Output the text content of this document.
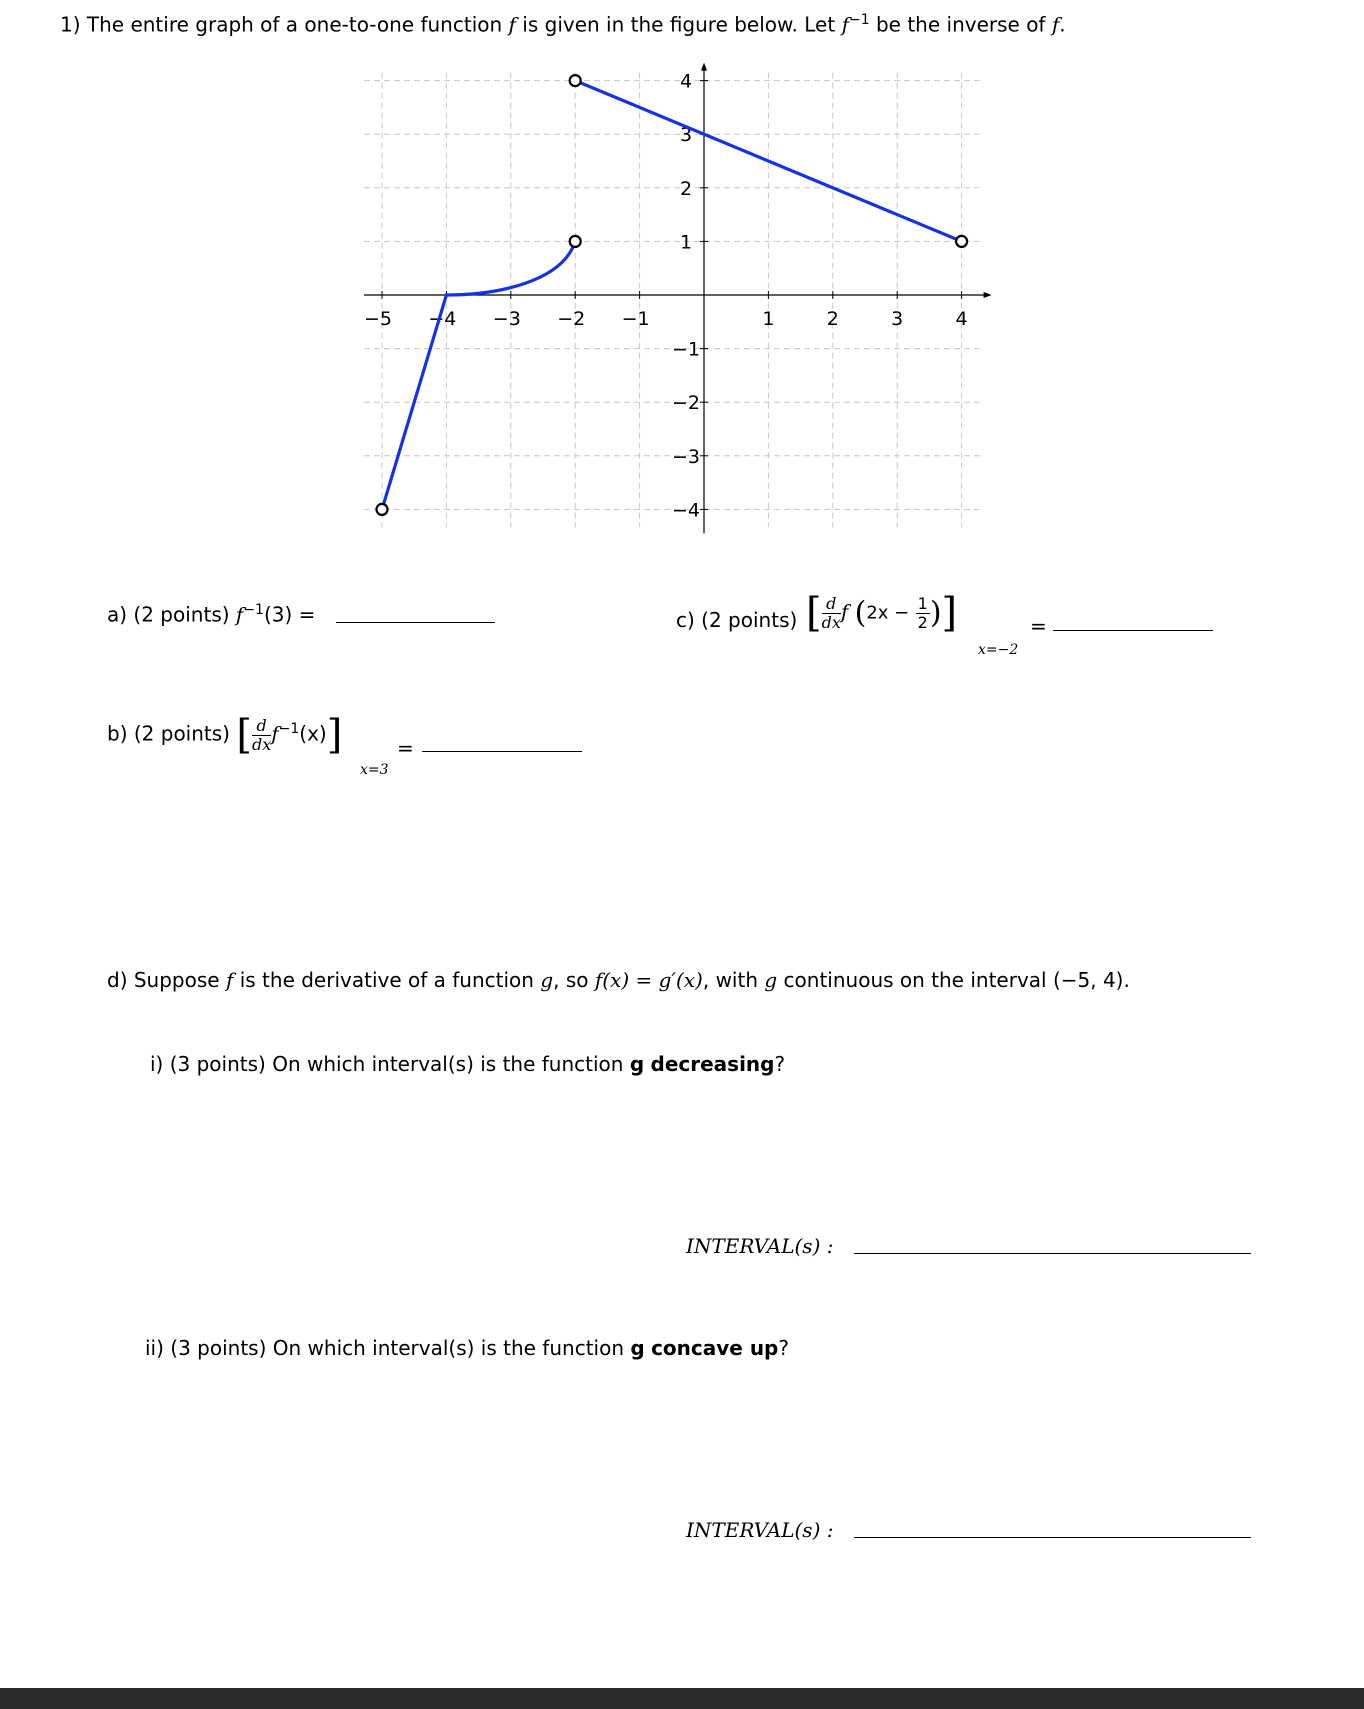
1) The entire graph of a one-to-one function f is given in the figure below. Let $f^{-1}$ be the inverse of f.
−5 −4 −3 −2 −1	1	2	3	4
4
3
2
1
−1
−2
−3
−4
a) (2 points) $f^{-1}(3)$ =
b) (2 points) [ $\frac{d}{dx} f^{-1}(x)$]
x=3
=
c) (2 points) [ $\frac{d}{dx}$ f ($2x - \frac{1}{2}$ )]
x=−2
=
d) Suppose f is the derivative of a function g, so f(x) = g′(x), with g continuous on the interval (−5, 4).
i) (3 points) On which interval(s) is the function g decreasing?
INTERVAL(s) :
ii) (3 points) On which interval(s) is the function g concave up?
INTERVAL(s) :
